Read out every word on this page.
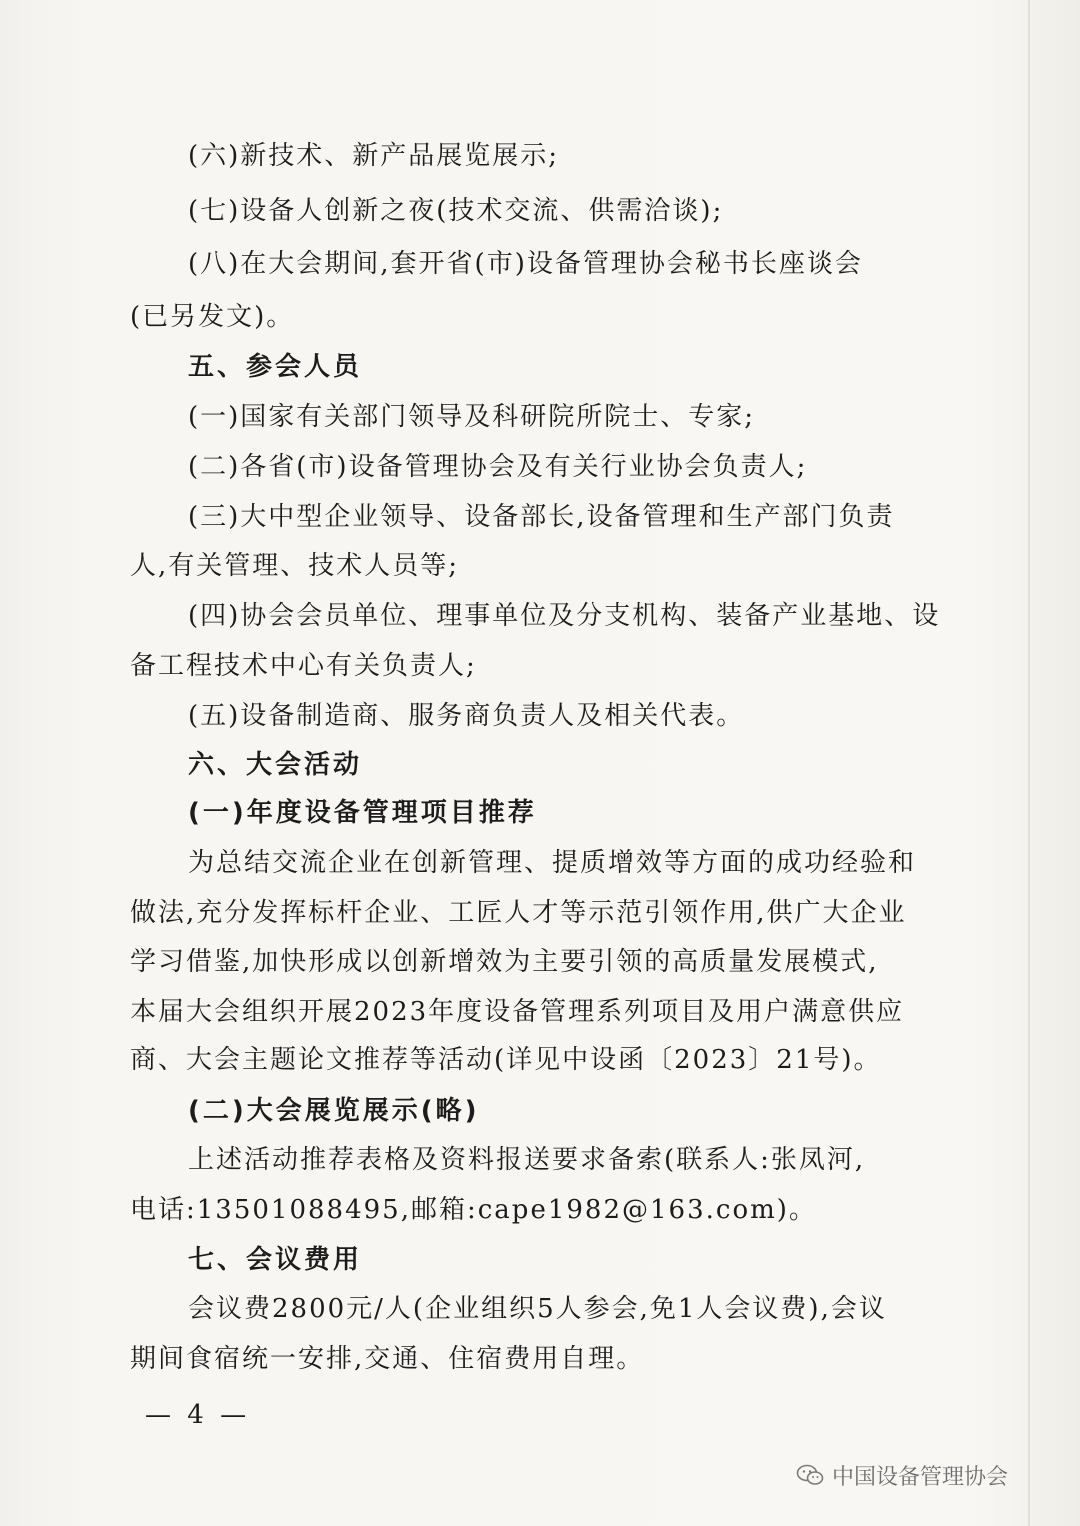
(六)新技术、新产品展览展示;
(七)设备人创新之夜(技术交流、供需洽谈);
(八)在大会期间,套开省(市)设备管理协会秘书长座谈会
(已另发文)。
五、参会人员
(一)国家有关部门领导及科研院所院士、专家;
(二)各省(市)设备管理协会及有关行业协会负责人;
(三)大中型企业领导、设备部长,设备管理和生产部门负责
人,有关管理、技术人员等;
(四)协会会员单位、理事单位及分支机构、装备产业基地、设
备工程技术中心有关负责人;
(五)设备制造商、服务商负责人及相关代表。
六、大会活动
(一)年度设备管理项目推荐
为总结交流企业在创新管理、提质增效等方面的成功经验和
做法,充分发挥标杆企业、工匠人才等示范引领作用,供广大企业
学习借鉴,加快形成以创新增效为主要引领的高质量发展模式,
本届大会组织开展2023年度设备管理系列项目及用户满意供应
商、大会主题论文推荐等活动(详见中设函〔2023〕21号)。
(二)大会展览展示(略)
上述活动推荐表格及资料报送要求备索(联系人:张凤河,
电话:13501088495,邮箱:cape1982@163.com)。
七、会议费用
会议费2800元/人(企业组织5人参会,免1人会议费),会议
期间食宿统一安排,交通、住宿费用自理。
— 4 —
中国设备管理协会
